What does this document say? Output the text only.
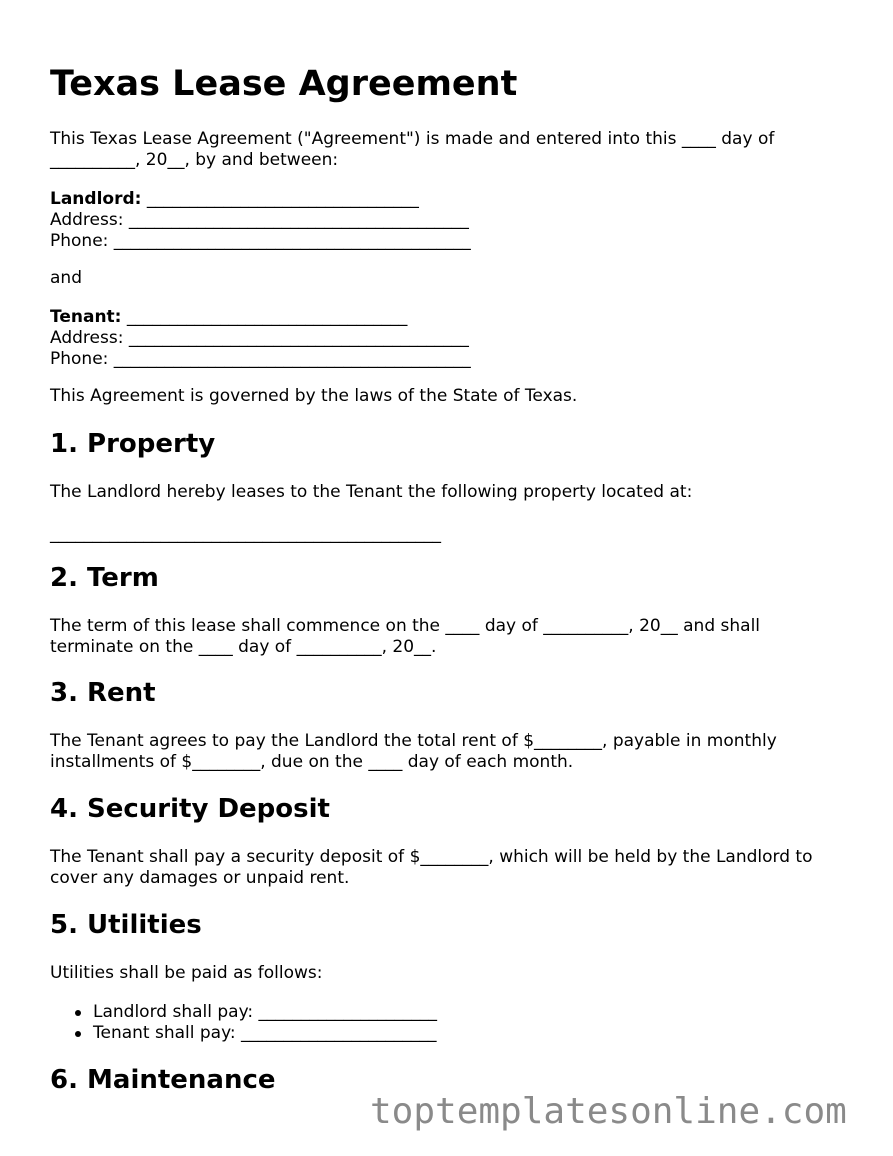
Texas Lease Agreement
This Texas Lease Agreement ("Agreement") is made and entered into this ____ day of
__________, 20__, by and between:
Landlord: ________________________________
Address: ________________________________________
Phone: __________________________________________
and
Tenant: _________________________________
Address: ________________________________________
Phone: __________________________________________
This Agreement is governed by the laws of the State of Texas.
1. Property
The Landlord hereby leases to the Tenant the following property located at:
______________________________________________
2. Term
The term of this lease shall commence on the ____ day of __________, 20__ and shall
terminate on the ____ day of __________, 20__.
3. Rent
The Tenant agrees to pay the Landlord the total rent of $________, payable in monthly
installments of $________, due on the ____ day of each month.
4. Security Deposit
The Tenant shall pay a security deposit of $________, which will be held by the Landlord to
cover any damages or unpaid rent.
5. Utilities
Utilities shall be paid as follows:
Landlord shall pay: _____________________
Tenant shall pay: _______________________
6. Maintenance
toptemplatesonline.com
